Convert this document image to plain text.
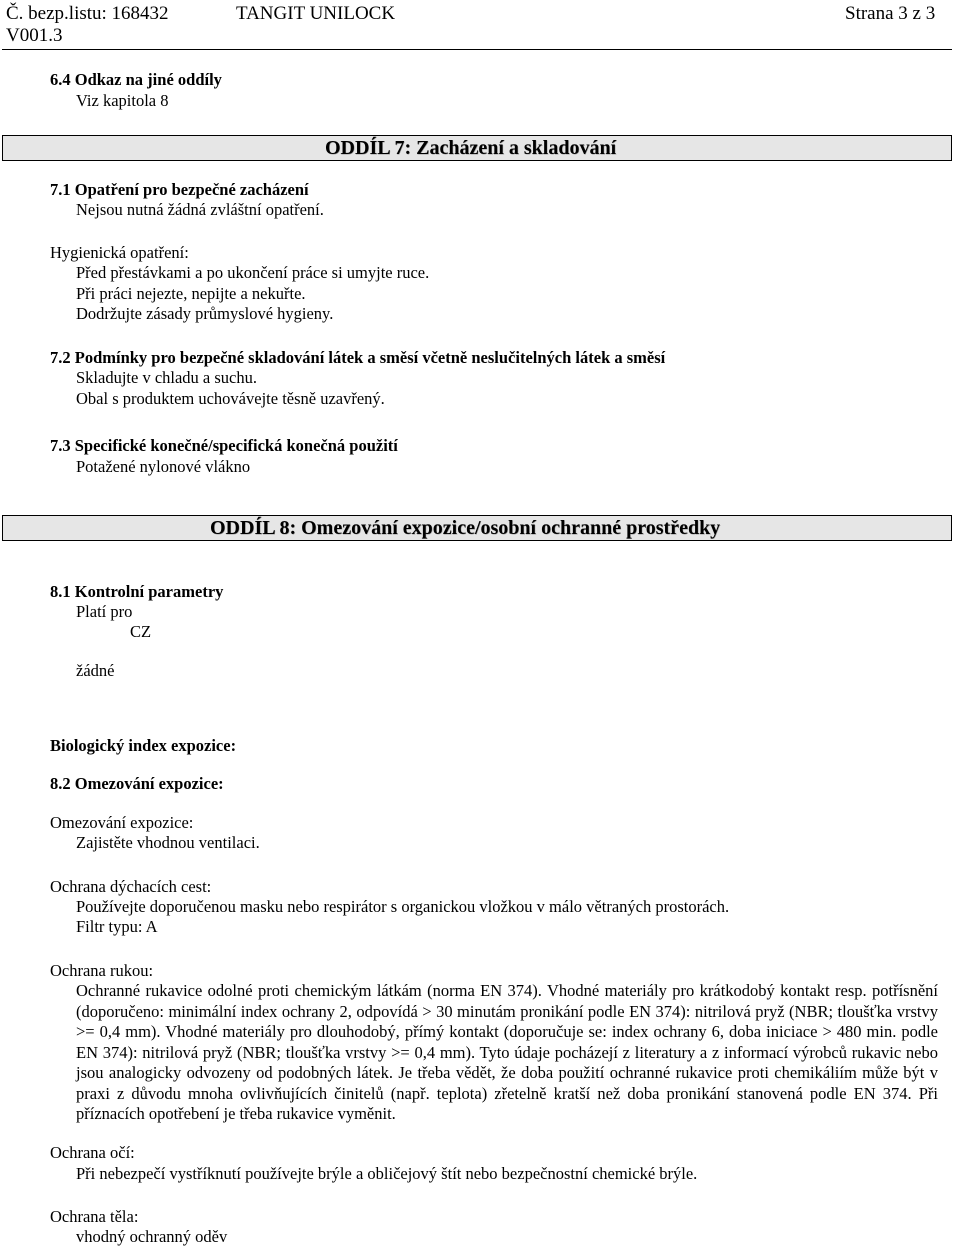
Č. bezp.listu: 168432
V001.3
TANGIT UNILOCK	Strana 3 z 3
6.4 Odkaz na jiné oddíly
Viz kapitola 8
ODDÍL 7: Zacházení a skladování
7.1 Opatření pro bezpečné zacházení
Nejsou nutná žádná zvláštní opatření.
Hygienická opatření:
Před přestávkami a po ukončení práce si umyjte ruce.
Při práci nejezte, nepijte a nekuřte.
Dodržujte zásady průmyslové hygieny.
7.2 Podmínky pro bezpečné skladování látek a směsí včetně neslučitelných látek a směsí
Skladujte v chladu a suchu.
Obal s produktem uchovávejte těsně uzavřený.
7.3 Specifické konečné/specifická konečná použití
Potažené nylonové vlákno
ODDÍL 8: Omezování expozice/osobní ochranné prostředky
8.1 Kontrolní parametry
Platí pro
CZ
žádné
Biologický index expozice:
8.2 Omezování expozice:
Omezování expozice:
Zajistěte vhodnou ventilaci.
Ochrana dýchacích cest:
Používejte doporučenou masku nebo respirátor s organickou vložkou v málo větraných prostorách.
Filtr typu: A
Ochrana rukou:
Ochranné rukavice odolné proti chemickým látkám (norma EN 374). Vhodné materiály pro krátkodobý kontakt resp. potřísnění (doporučeno: minimální index ochrany 2, odpovídá > 30 minutám pronikání podle EN 374): nitrilová pryž (NBR; tloušťka vrstvy >= 0,4 mm). Vhodné materiály pro dlouhodobý, přímý kontakt (doporučuje se: index ochrany 6, doba iniciace > 480 min. podle EN 374): nitrilová pryž (NBR; tloušťka vrstvy >= 0,4 mm). Tyto údaje pocházejí z literatury a z informací výrobců rukavic nebo jsou analogicky odvozeny od podobných látek. Je třeba vědět, že doba použití ochranné rukavice proti chemikáliím může být v praxi z důvodu mnoha ovlivňujících činitelů (např. teplota) zřetelně kratší než doba pronikání stanovená podle EN 374. Při příznacích opotřebení je třeba rukavice vyměnit.
Ochrana očí:
Při nebezpečí vystříknutí používejte brýle a obličejový štít nebo bezpečnostní chemické brýle.
Ochrana těla:
vhodný ochranný oděv
